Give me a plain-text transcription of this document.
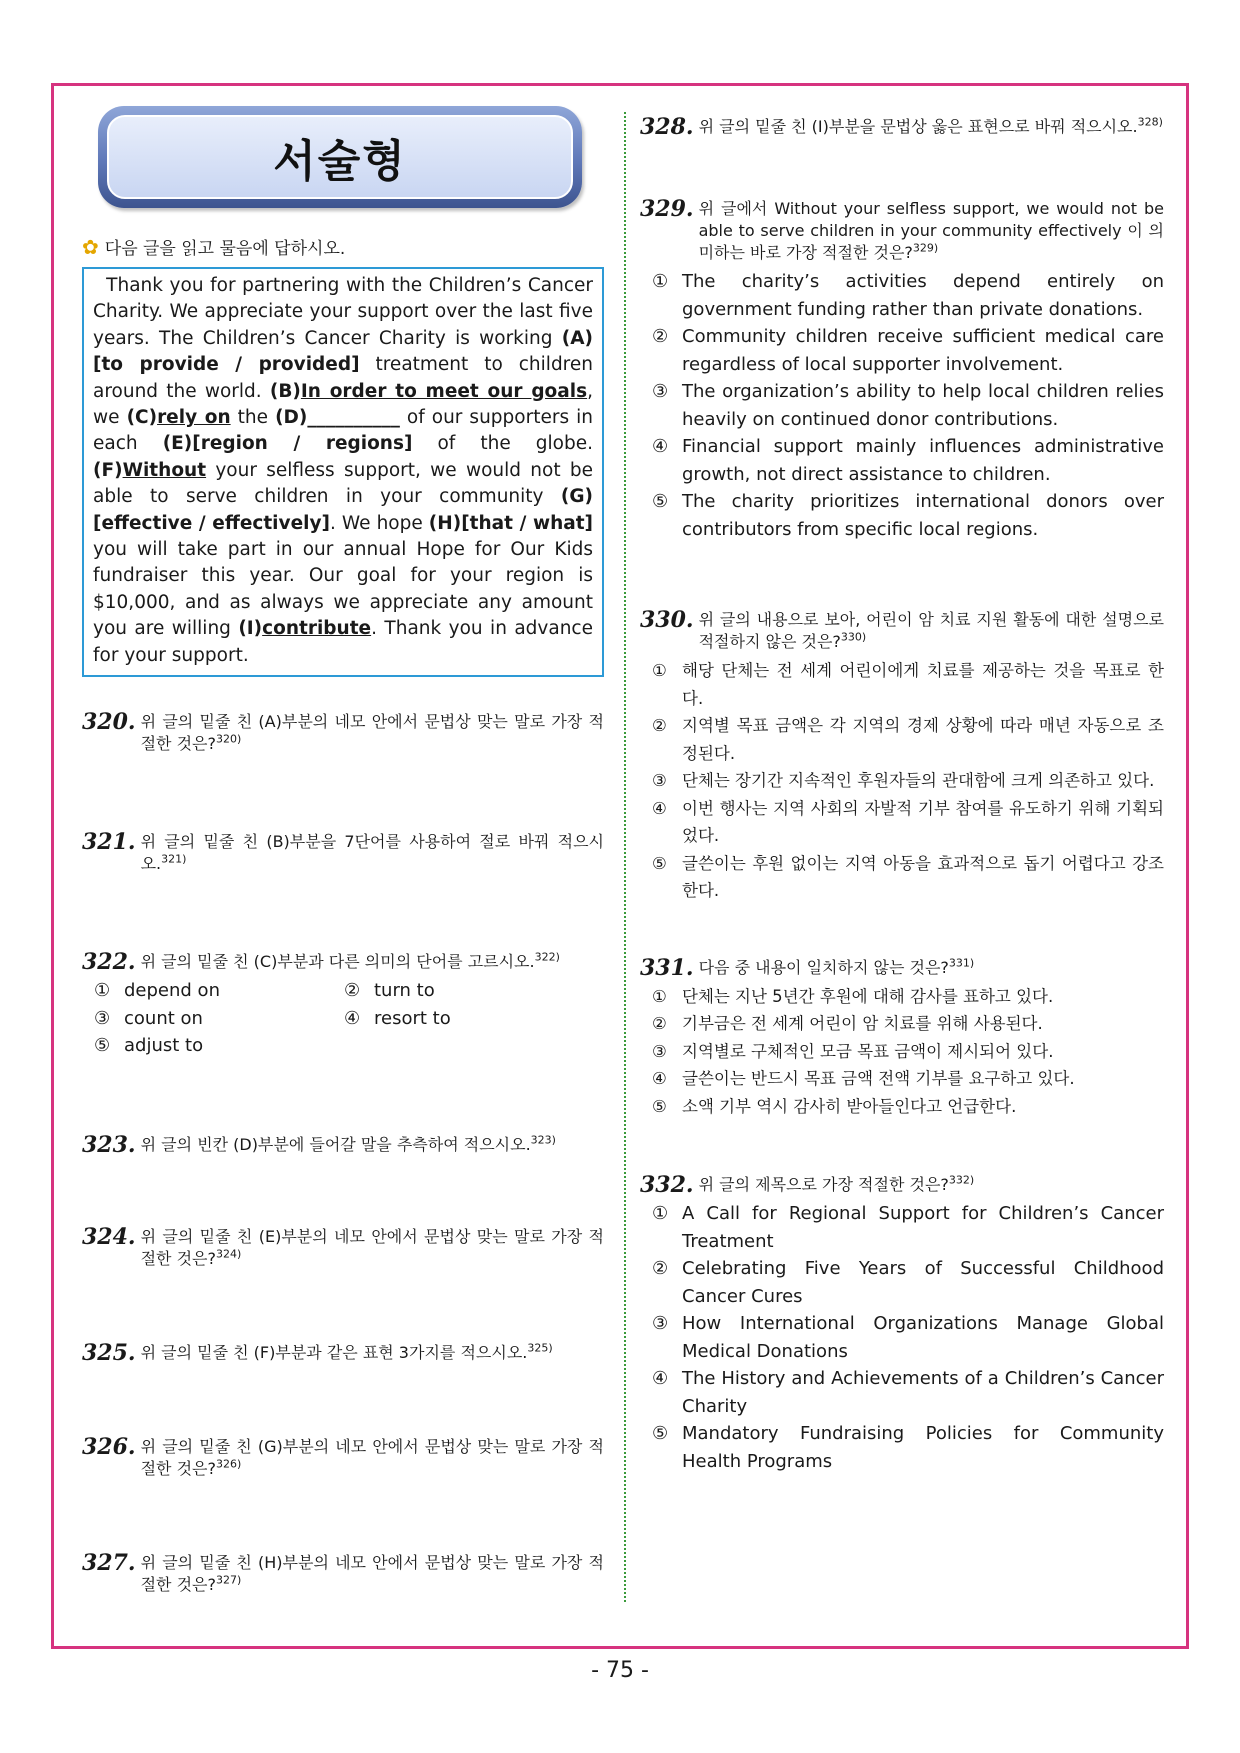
서술형
✿ 다음 글을 읽고 물음에 답하시오.
Thank you for partnering with the Children’s Cancer Charity. We appreciate your support over the last five years. The Children’s Cancer Charity is working (A)[to provide / provided] treatment to children around the world. (B)In order to meet our goals, we (C)rely on the (D)__________ of our supporters in each (E)[region / regions] of the globe. (F)Without your selfless support, we would not be able to serve children in your community (G)[effective / effectively]. We hope (H)[that / what] you will take part in our annual Hope for Our Kids fundraiser this year. Our goal for your region is $10,000, and as always we appreciate any amount you are willing (I)contribute. Thank you in advance for your support.
320. 위 글의 밑줄 친 (A)부분의 네모 안에서 문법상 맞는 말로 가장 적절한 것은?$^{320)}$
321. 위 글의 밑줄 친 (B)부분을 7단어를 사용하여 절로 바꿔 적으시오.$^{321)}$
322. 위 글의 밑줄 친 (C)부분과 다른 의미의 단어를 고르시오.$^{322)}$
① depend on	② turn to
③ count on	④ resort to
⑤ adjust to
323. 위 글의 빈칸 (D)부분에 들어갈 말을 추측하여 적으시오.$^{323)}$
324. 위 글의 밑줄 친 (E)부분의 네모 안에서 문법상 맞는 말로 가장 적절한 것은?$^{324)}$
325. 위 글의 밑줄 친 (F)부분과 같은 표현 3가지를 적으시오.$^{325)}$
326. 위 글의 밑줄 친 (G)부분의 네모 안에서 문법상 맞는 말로 가장 적절한 것은?$^{326)}$
327. 위 글의 밑줄 친 (H)부분의 네모 안에서 문법상 맞는 말로 가장 적절한 것은?$^{327)}$
328. 위 글의 밑줄 친 (I)부분을 문법상 옳은 표현으로 바꿔 적으시오.$^{328)}$
329. 위 글에서 Without your selfless support, we would not be able to serve children in your community effectively 이 의미하는 바로 가장 적절한 것은?$^{329)}$
① The charity’s activities depend entirely on government funding rather than private donations.
② Community children receive sufficient medical care regardless of local supporter involvement.
③ The organization’s ability to help local children relies heavily on continued donor contributions.
④ Financial support mainly influences administrative growth, not direct assistance to children.
⑤ The charity prioritizes international donors over contributors from specific local regions.
330. 위 글의 내용으로 보아, 어린이 암 치료 지원 활동에 대한 설명으로 적절하지 않은 것은?$^{330)}$
① 해당 단체는 전 세계 어린이에게 치료를 제공하는 것을 목표로 한다.
② 지역별 목표 금액은 각 지역의 경제 상황에 따라 매년 자동으로 조정된다.
③ 단체는 장기간 지속적인 후원자들의 관대함에 크게 의존하고 있다.
④ 이번 행사는 지역 사회의 자발적 기부 참여를 유도하기 위해 기획되었다.
⑤ 글쓴이는 후원 없이는 지역 아동을 효과적으로 돕기 어렵다고 강조한다.
331. 다음 중 내용이 일치하지 않는 것은?$^{331)}$
① 단체는 지난 5년간 후원에 대해 감사를 표하고 있다.
② 기부금은 전 세계 어린이 암 치료를 위해 사용된다.
③ 지역별로 구체적인 모금 목표 금액이 제시되어 있다.
④ 글쓴이는 반드시 목표 금액 전액 기부를 요구하고 있다.
⑤ 소액 기부 역시 감사히 받아들인다고 언급한다.
332. 위 글의 제목으로 가장 적절한 것은?$^{332)}$
① A Call for Regional Support for Children’s Cancer Treatment
② Celebrating Five Years of Successful Childhood Cancer Cures
③ How International Organizations Manage Global Medical Donations
④ The History and Achievements of a Children’s Cancer Charity
⑤ Mandatory Fundraising Policies for Community Health Programs
- 75 -
